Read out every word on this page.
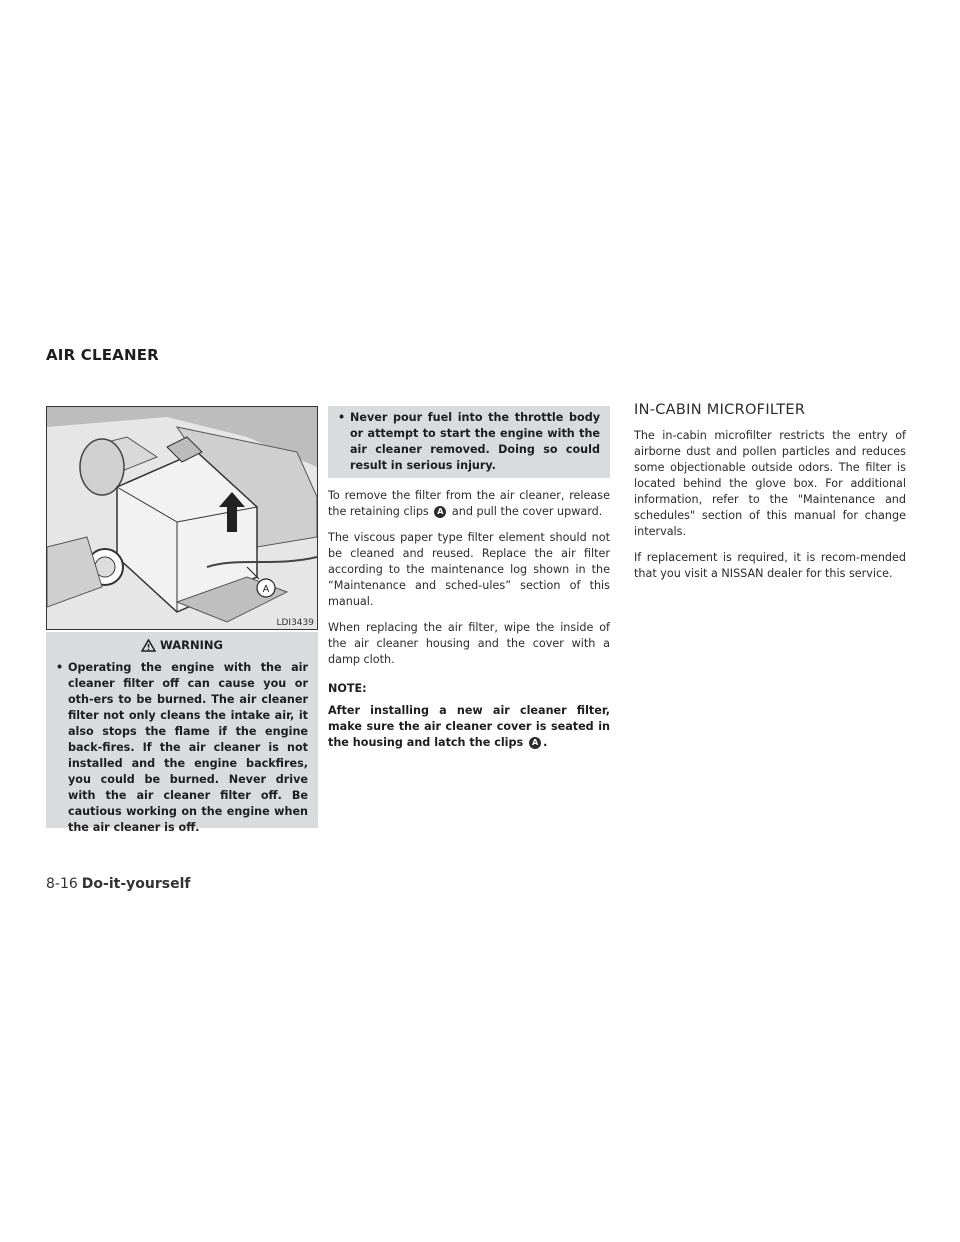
AIR CLEANER
A
LDI3439
WARNING
• Operating the engine with the air cleaner filter off can cause you or oth-ers to be burned. The air cleaner filter not only cleans the intake air, it also stops the flame if the engine back-fires. If the air cleaner is not installed and the engine backfires, you could be burned. Never drive with the air cleaner filter off. Be cautious working on the engine when the air cleaner is off.
• Never pour fuel into the throttle body or attempt to start the engine with the air cleaner removed. Doing so could result in serious injury.

To remove the filter from the air cleaner, release the retaining clips A and pull the cover upward.

The viscous paper type filter element should not be cleaned and reused. Replace the air filter according to the maintenance log shown in the “Maintenance and sched-ules” section of this manual.

When replacing the air filter, wipe the inside of the air cleaner housing and the cover with a damp cloth.

NOTE:

After installing a new air cleaner filter, make sure the air cleaner cover is seated in the housing and latch the clips A .

IN-CABIN MICROFILTER

The in-cabin microfilter restricts the entry of airborne dust and pollen particles and reduces some objectionable outside odors. The filter is located behind the glove box. For additional information, refer to the "Maintenance and schedules" section of this manual for change intervals.

If replacement is required, it is recom-mended that you visit a NISSAN dealer for this service.

8-16 Do-it-yourself
